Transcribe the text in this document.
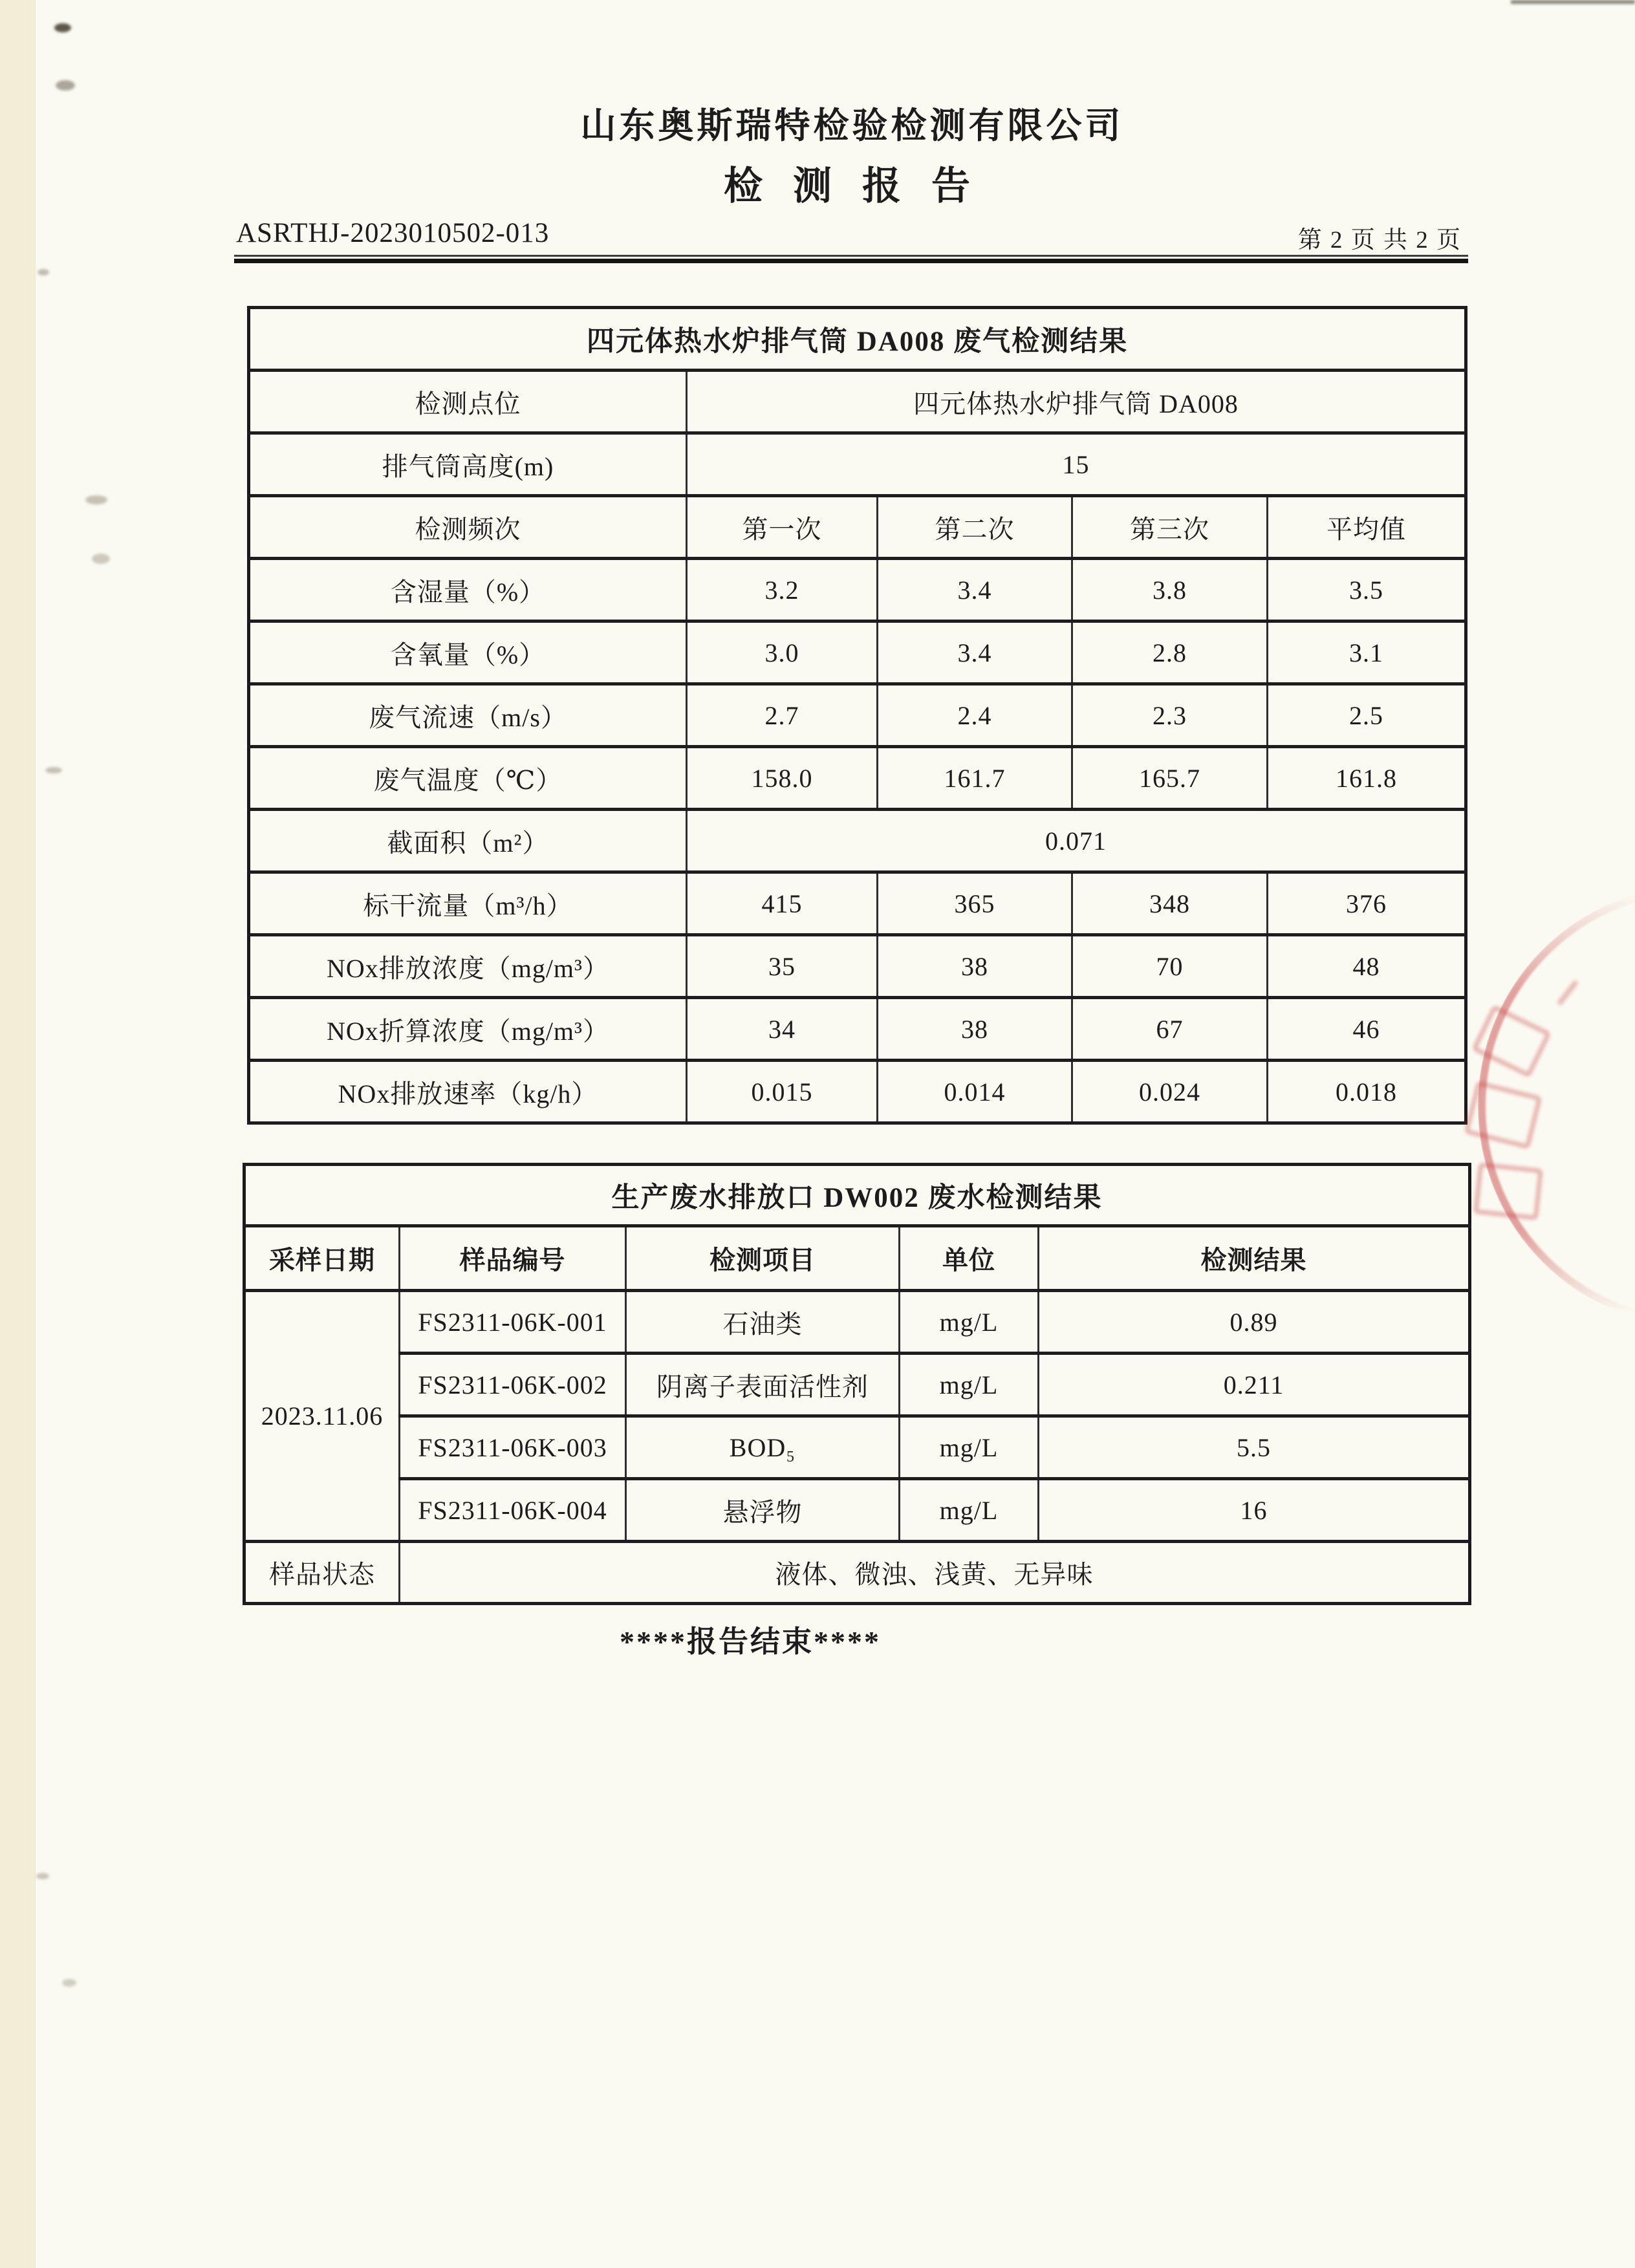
山东奥斯瑞特检验检测有限公司
检 测 报 告
ASRTHJ-2023010502-013	第 2 页 共 2 页
四元体热水炉排气筒 DA008 废气检测结果				
检测点位	四元体热水炉排气筒 DA008			
排气筒高度(m)	15			
检测频次	第一次	第二次	第三次	平均值
含湿量（%）	3.2	3.4	3.8	3.5
含氧量（%）	3.0	3.4	2.8	3.1
废气流速（m/s）	2.7	2.4	2.3	2.5
废气温度（℃）	158.0	161.7	165.7	161.8
截面积（m²）	0.071			
标干流量（m³/h）	415	365	348	376
NOx排放浓度（mg/m³）	35	38	70	48
NOx折算浓度（mg/m³）	34	38	67	46
NOx排放速率（kg/h）	0.015	0.014	0.024	0.018
生产废水排放口 DW002 废水检测结果				
采样日期	样品编号	检测项目	单位	检测结果
2023.11.06	FS2311-06K-001	石油类	mg/L	0.89
	FS2311-06K-002	阴离子表面活性剂	mg/L	0.211
	FS2311-06K-003	BOD₅	mg/L	5.5
	FS2311-06K-004	悬浮物	mg/L	16
样品状态	液体、微浊、浅黄、无异味			
****报告结束****
